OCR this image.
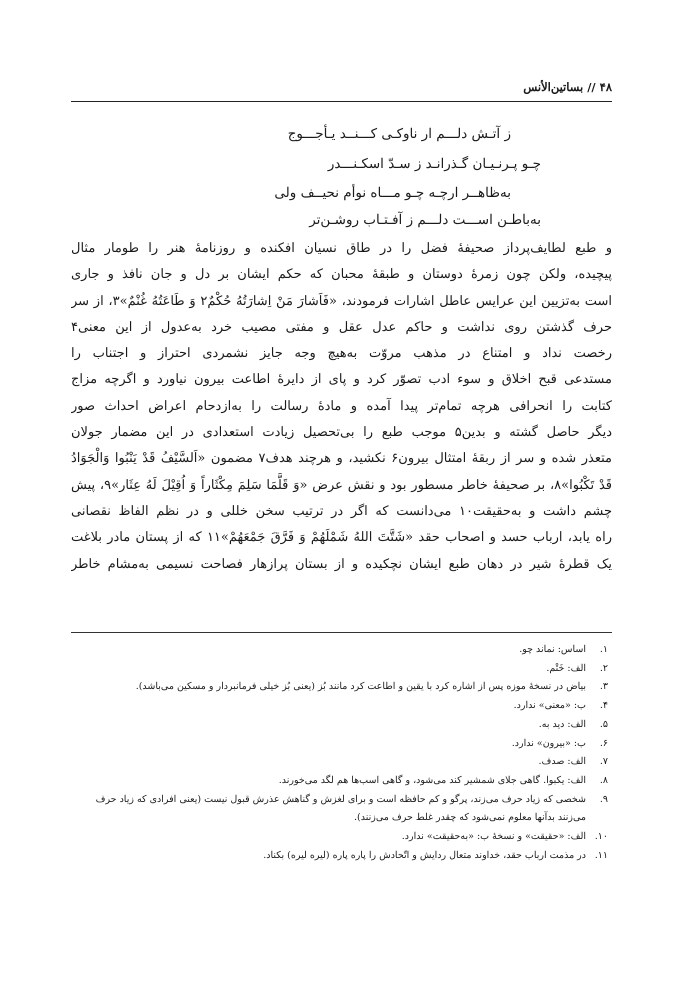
۴۸ // بساتین‌الأنس
ز آتـش دلـــم ار ناوکـی کـــنــد یـأجـــوج
چـو پـرنـیـان گـذرانـد ز سـدّ اسکـنـــدر
به‌ظاهــر ارچـه چـو مـــاه نوأم نحیــف ولی
به‌باطـن اســـت دلـــم ز آفـتـاب روشـن‌تر
و طبع لطایف‌پرداز صحیفهٔ فضل را در طاق نسیان افکنده و روزنامهٔ هنر را طومار مثال
پیچیده، ولکن چون زمرهٔ دوستان و طبقهٔ محبان که حکم ایشان بر دل و جان نافذ و جاری
است به‌تزیین این عرایس عاطل اشارات فرمودند، «فَاَشارَ مَنْ اِشارَتُهُ حُکْمٌ۲ وَ طَاعَتُهُ غُنْمٌ»۳، از سر
حرف گذشتن روی نداشت و حاکم عدل عقل و مفتی مصیب خرد به‌عدول از این معنی۴
رخصت نداد و امتناع در مذهب مروّت به‌هیچ وجه جایز نشمردی احتراز و اجتناب را
مستدعی قبح اخلاق و سوء ادب تصوّر کرد و پای از دایرهٔ اطاعت بیرون نیاورد و اگرچه مزاج
کتابت را انحرافی هرچه تمام‌تر پیدا آمده و مادهٔ رسالت را به‌ازدحام اعراض احداث صور
دیگر حاصل گشته و بدین۵ موجب طبع را بی‌تحصیل زیادت استعدادی در این مضمار جولان
متعذر شده و سر از ربقهٔ امتثال بیرون۶ نکشید، و هرچند هدف۷ مضمون «اَلسَّیْفُ قَدْ یَنْبُوا وَالْجَوَادُ
قَدْ تَکْبُوا»۸، بر صحیفهٔ خاطر مسطور بود و نقش عرض «وَ قَلَّمَا سَلِمَ مِکْثَاراً وَ اُقِیْلَ لَهُ عِثَار»۹، پیش
چشم داشت و به‌حقیقت۱۰ می‌دانست که اگر در ترتیب سخن خللی و در نظم الفاظ نقصانی
راه یابد، ارباب حسد و اصحاب حقد «شَتَّتَ اللهُ شَمْلَهُمْ وَ فَرَّقَ جَمْعَهُمْ»۱۱ که از پستان مادر بلاغت
یک قطرهٔ شیر در دهان طبع ایشان نچکیده و از بستان پرازهار فصاحت نسیمی به‌مشام خاطر
۱.
اساس: نماند چو.
۲.
الف: خَتْم.
۳.
بیاض در نسخهٔ موزه پس از اشاره کرد با یقین و اطاعت کرد مانند بُز (یعنی بُز خیلی فرمانبردار و مسکین می‌باشد).
۴.
ب: «معنی» ندارد.
۵.
الف: دید به.
۶.
ب: «بیرون» ندارد.
۷.
الف: صدف.
۸.
الف: یکبوا. گاهی جلای شمشیر کند می‌شود، و گاهی اسب‌ها هم لگد می‌خورند.
۹.
شخصی که زیاد حرف می‌زند، پرگو و کم حافظه است و برای لغزش و گناهش عذرش قبول نیست (یعنی افرادی که زیاد حرف می‌زنند بدآنها معلوم نمی‌شود که چقدر غلط حرف می‌زنند).
۱۰.
الف: «حقیقت» و نسخهٔ ب: «به‌حقیقت» ندارد.
۱۱.
در مذمت ارباب حقد، خداوند متعال ردایش و اتّحادش را پاره پاره (لیره لیره) بکناد.
